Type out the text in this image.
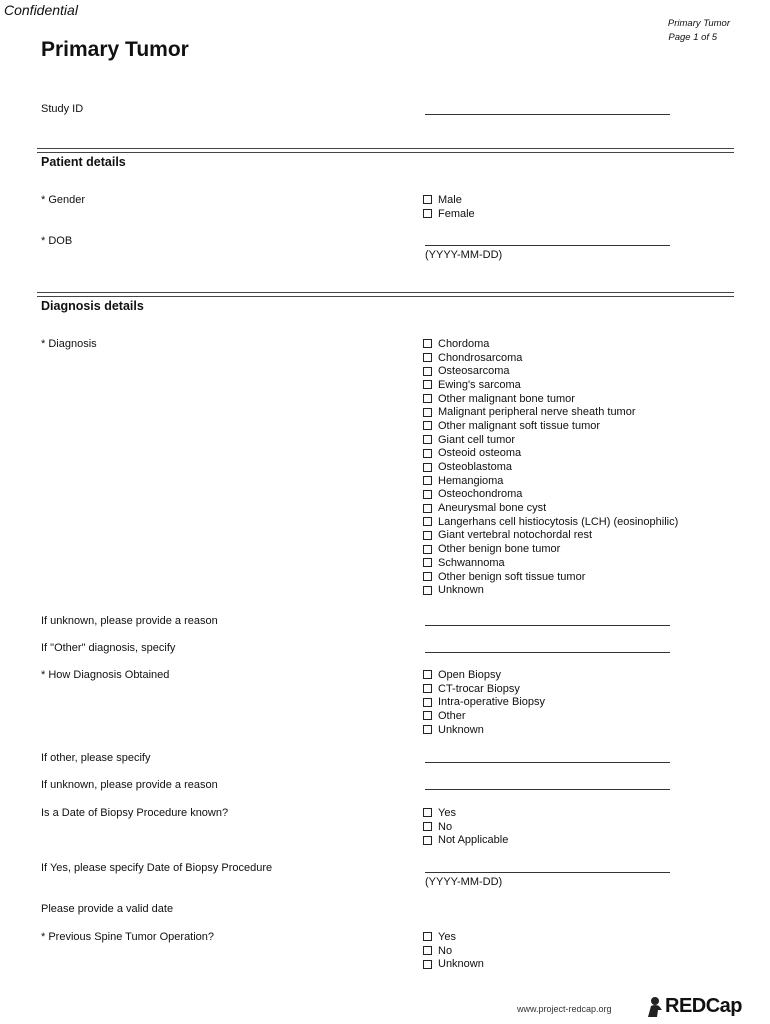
Confidential
Primary Tumor
Page 1 of 5
Primary Tumor
Study ID
Patient details
* Gender	Male
Female
* DOB
(YYYY-MM-DD)
Diagnosis details
* Diagnosis	Chordoma
Chondrosarcoma
Osteosarcoma
Ewing's sarcoma
Other malignant bone tumor
Malignant peripheral nerve sheath tumor
Other malignant soft tissue tumor
Giant cell tumor
Osteoid osteoma
Osteoblastoma
Hemangioma
Osteochondroma
Aneurysmal bone cyst
Langerhans cell histiocytosis (LCH) (eosinophilic)
Giant vertebral notochordal rest
Other benign bone tumor
Schwannoma
Other benign soft tissue tumor
Unknown
If unknown, please provide a reason
If "Other" diagnosis, specify
* How Diagnosis Obtained	Open Biopsy
CT-trocar Biopsy
Intra-operative Biopsy
Other
Unknown
If other, please specify
If unknown, please provide a reason
Is a Date of Biopsy Procedure known?	Yes
No
Not Applicable
If Yes, please specify Date of Biopsy Procedure
(YYYY-MM-DD)
Please provide a valid date
* Previous Spine Tumor Operation?	Yes
No
Unknown
www.project-redcap.org	REDCap
